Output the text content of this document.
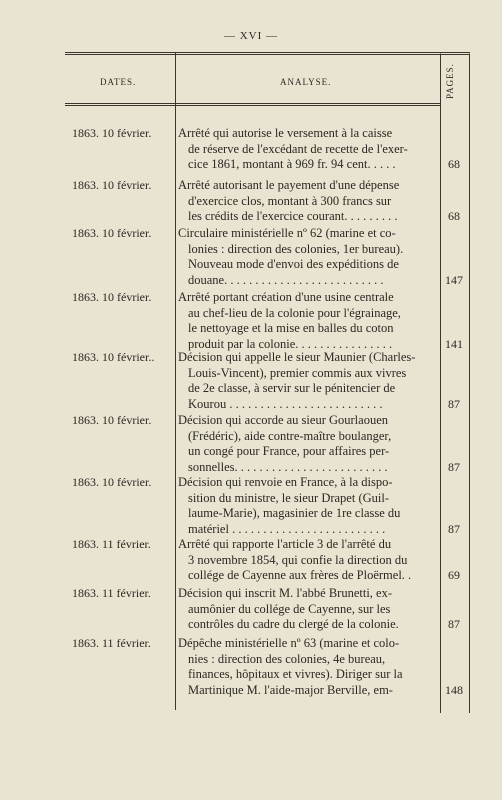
— XVI —
PAGES.
DATES.	ANALYSE.
1863. 10 février.	Arrêté qui autorise le versement à la caisse
de réserve de l'excédant de recette de l'exer-
cice 1861, montant à 969 fr. 94 cent. . . . .	68
1863. 10 février.	Arrêté autorisant le payement d'une dépense
d'exercice clos, montant à 300 francs sur
les crédits de l'exercice courant. . . . . . . . .	68
1863. 10 février.	Circulaire ministérielle nº 62 (marine et co-
lonies : direction des colonies, 1er bureau).
Nouveau mode d'envoi des expéditions de
douane. . . . . . . . . . . . . . . . . . . . . . . . . .	147
1863. 10 février.	Arrêté portant création d'une usine centrale
au chef-lieu de la colonie pour l'égrainage,
le nettoyage et la mise en balles du coton
produit par la colonie. . . . . . . . . . . . . . . .	141
1863. 10 février..	Décision qui appelle le sieur Maunier (Charles-
Louis-Vincent), premier commis aux vivres
de 2e classe, à servir sur le pénitencier de
Kourou . . . . . . . . . . . . . . . . . . . . . . . . .	87
1863. 10 février.	Décision qui accorde au sieur Gourlaouen
(Frédéric), aide contre-maître boulanger,
un congé pour France, pour affaires per-
sonnelles. . . . . . . . . . . . . . . . . . . . . . . . .	87
1863. 10 février.	Décision qui renvoie en France, à la dispo-
sition du ministre, le sieur Drapet (Guil-
laume-Marie), magasinier de 1re classe du
matériel . . . . . . . . . . . . . . . . . . . . . . . . .	87
1863. 11 février.	Arrêté qui rapporte l'article 3 de l'arrêté du
3 novembre 1854, qui confie la direction du
collége de Cayenne aux frères de Ploërmel. .	69
1863. 11 février.	Décision qui inscrit M. l'abbé Brunetti, ex-
aumônier du collége de Cayenne, sur les
contrôles du cadre du clergé de la colonie.	87
1863. 11 février.	Dépêche ministérielle nº 63 (marine et colo-
nies : direction des colonies, 4e bureau,
finances, hôpitaux et vivres). Diriger sur la
Martinique M. l'aide-major Berville, em-	148
